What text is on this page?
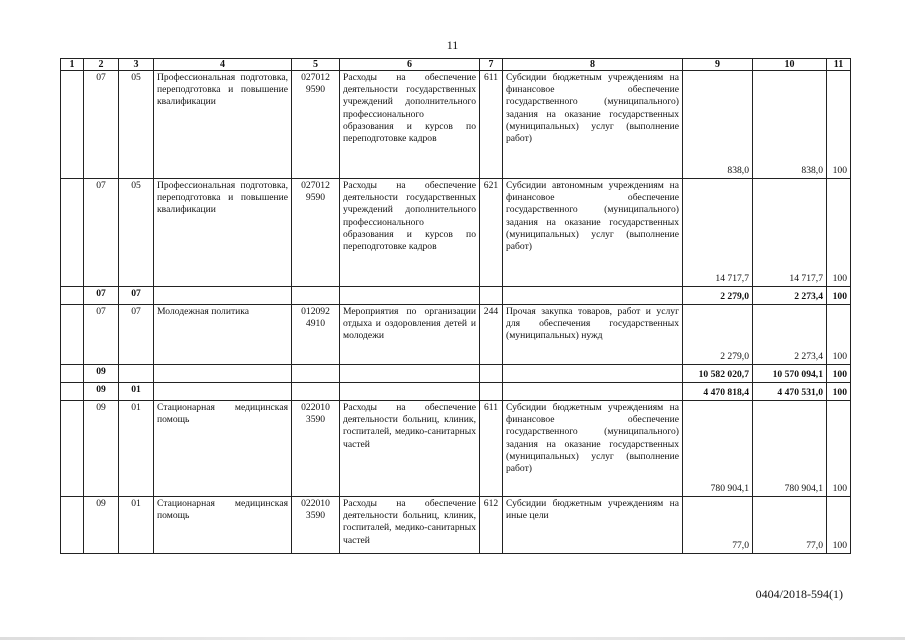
11
1	2	3	4	5	6	7	8	9	10	11
	07	05	Профессиональная подготовка, переподготовка и повышение квалификации	027012 9590	Расходы на обеспечение деятельности государственных учреждений дополнительного профессионального образования и курсов по переподготовке кадров	611	Субсидии бюджетным учреждениям на финансовое обеспечение государственного (муниципального) задания на оказание государственных (муниципальных) услуг (выполнение работ)	838,0	838,0	100
	07	05	Профессиональная подготовка, переподготовка и повышение квалификации	027012 9590	Расходы на обеспечение деятельности государственных учреждений дополнительного профессионального образования и курсов по переподготовке кадров	621	Субсидии автономным учреждениям на финансовое обеспечение государственного (муниципального) задания на оказание государственных (муниципальных) услуг (выполнение работ)	14 717,7	14 717,7	100
	07	07						2 279,0	2 273,4	100
	07	07	Молодежная политика	012092 4910	Мероприятия по организации отдыха и оздоровления детей и молодежи	244	Прочая закупка товаров, работ и услуг для обеспечения государственных (муниципальных) нужд	2 279,0	2 273,4	100
	09							10 582 020,7	10 570 094,1	100
	09	01						4 470 818,4	4 470 531,0	100
	09	01	Стационарная медицинская помощь	022010 3590	Расходы на обеспечение деятельности больниц, клиник, госпиталей, медико-санитарных частей	611	Субсидии бюджетным учреждениям на финансовое обеспечение государственного (муниципального) задания на оказание государственных (муниципальных) услуг (выполнение работ)	780 904,1	780 904,1	100
	09	01	Стационарная медицинская помощь	022010 3590	Расходы на обеспечение деятельности больниц, клиник, госпиталей, медико-санитарных частей	612	Субсидии бюджетным учреждениям на иные цели	77,0	77,0	100
0404/2018-594(1)
